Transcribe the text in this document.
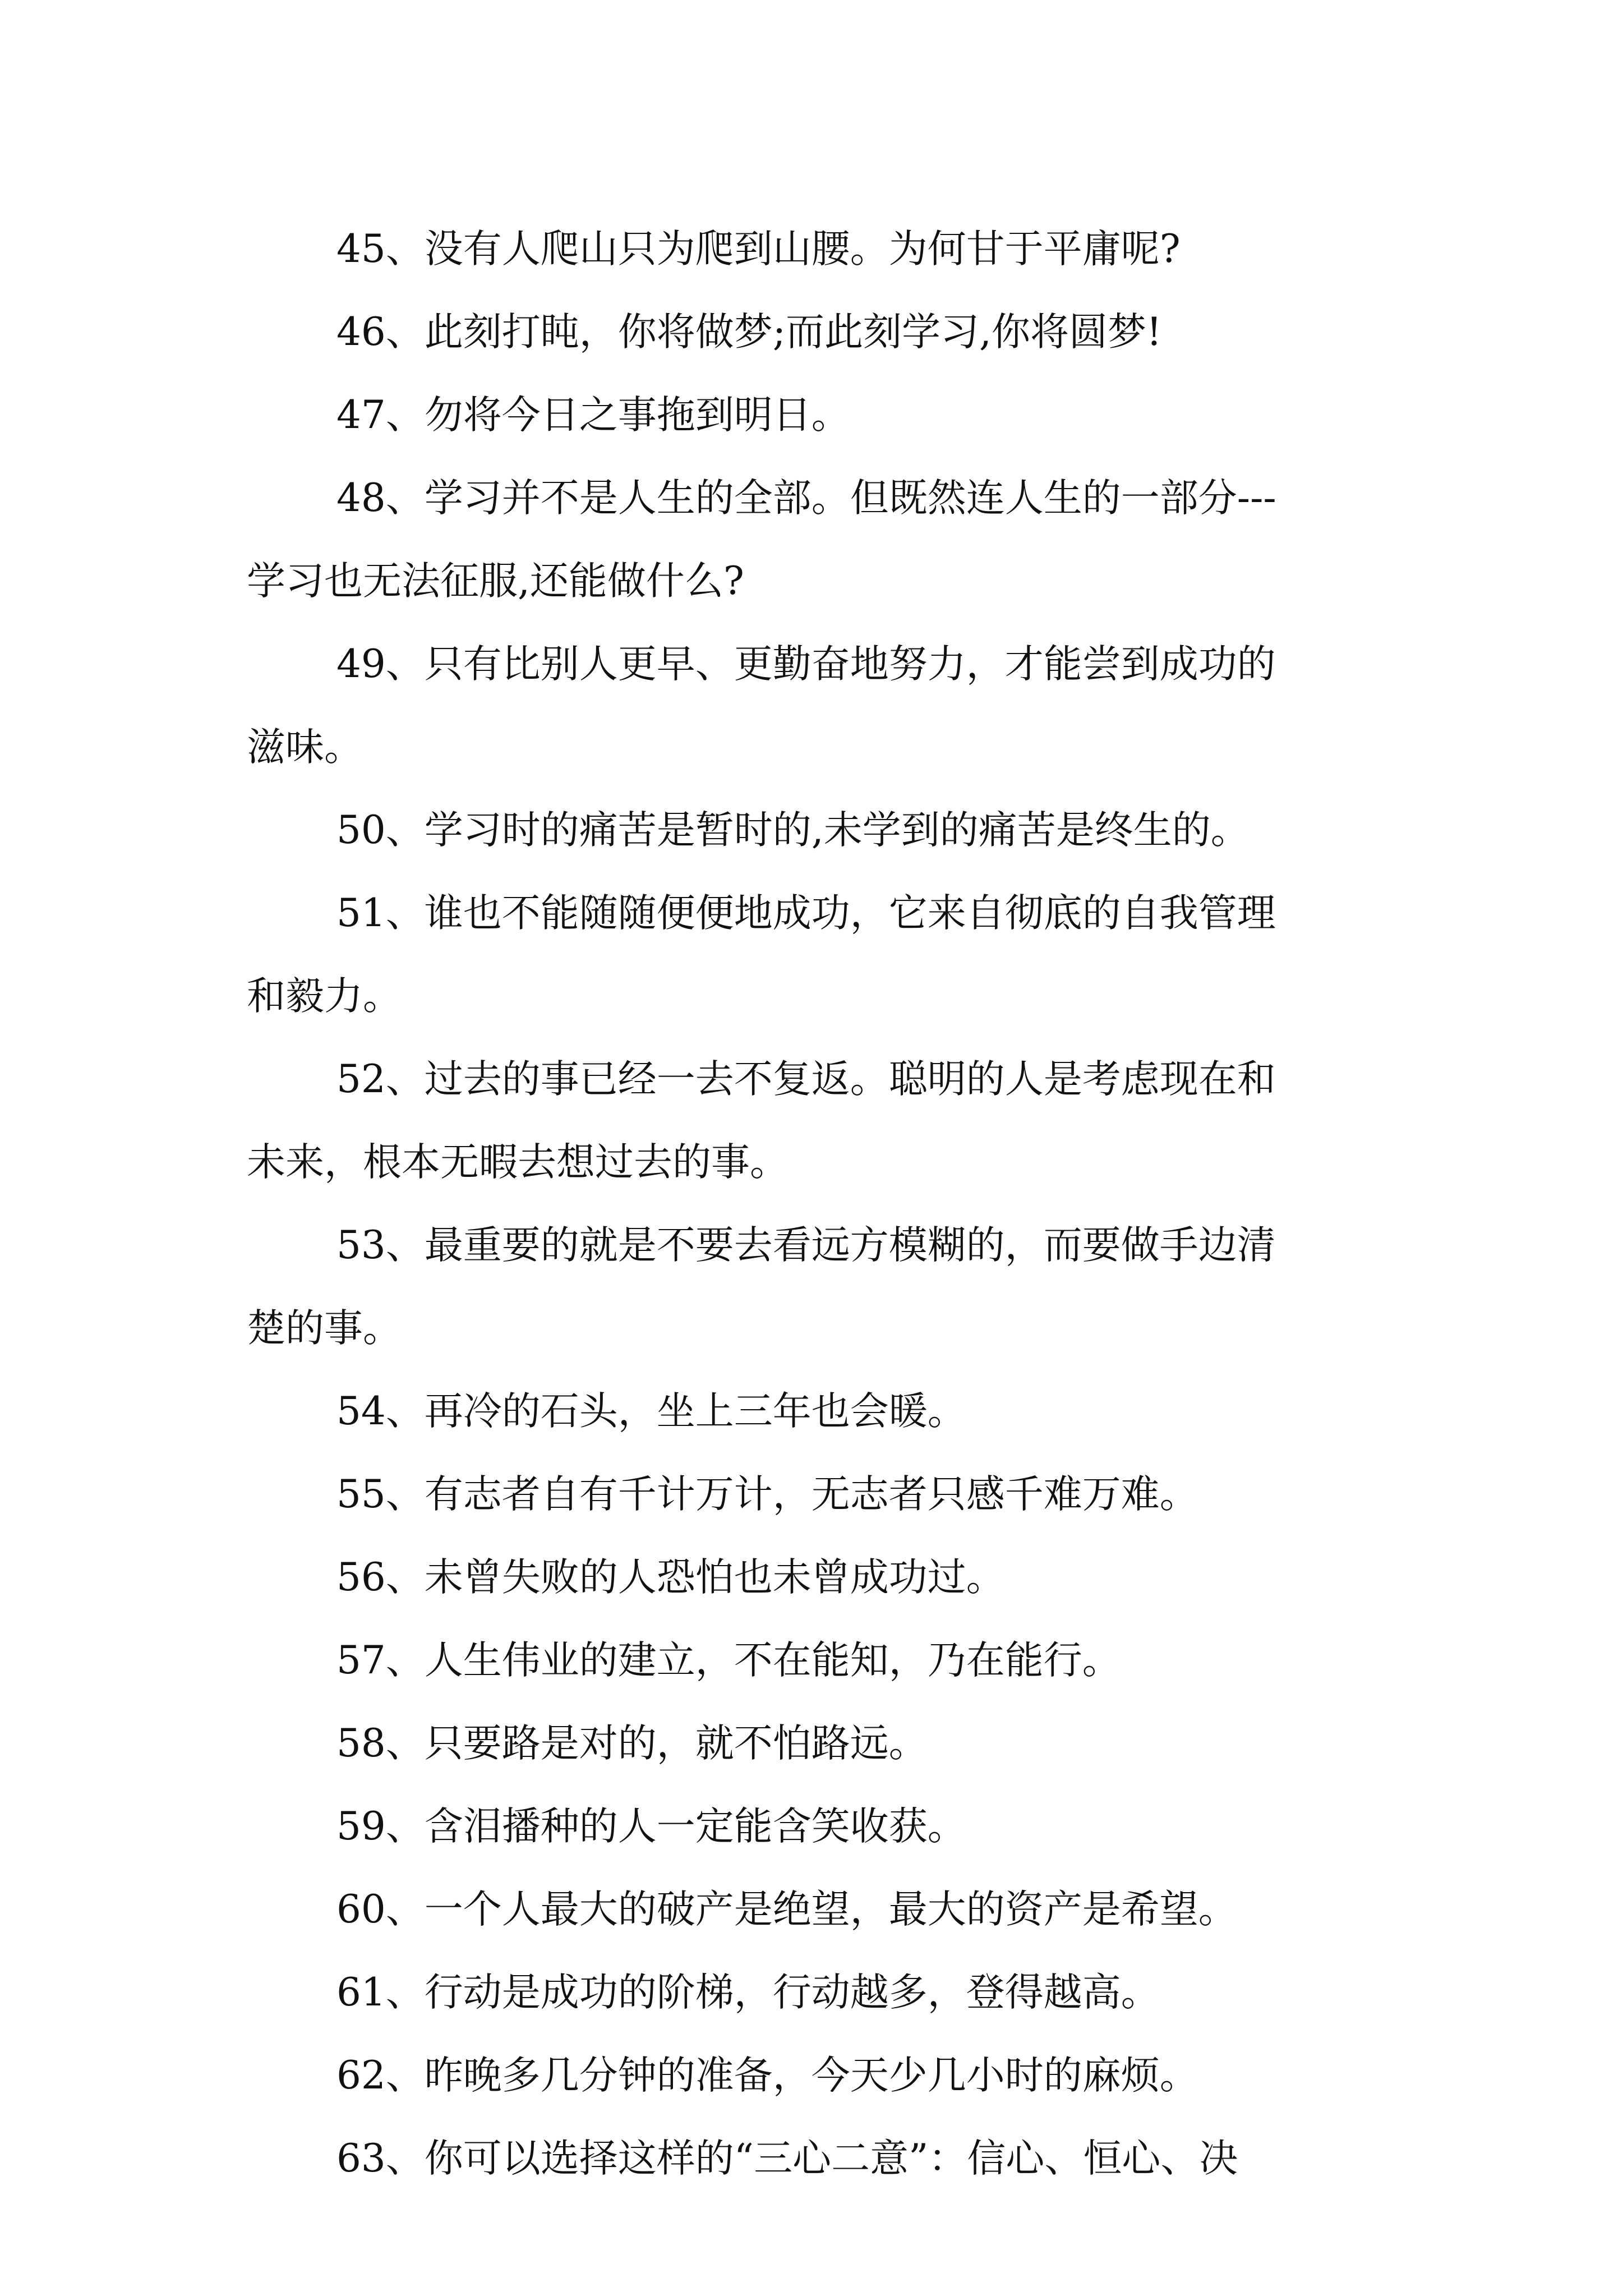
45、没有人爬山只为爬到山腰。为何甘于平庸呢?
46、此刻打盹，你将做梦;而此刻学习,你将圆梦!
47、勿将今日之事拖到明日。
48、学习并不是人生的全部。但既然连人生的一部分---
学习也无法征服,还能做什么?
49、只有比别人更早、更勤奋地努力，才能尝到成功的
滋味。
50、学习时的痛苦是暂时的,未学到的痛苦是终生的。
51、谁也不能随随便便地成功，它来自彻底的自我管理
和毅力。
52、过去的事已经一去不复返。聪明的人是考虑现在和
未来，根本无暇去想过去的事。
53、最重要的就是不要去看远方模糊的，而要做手边清
楚的事。
54、再冷的石头，坐上三年也会暖。
55、有志者自有千计万计，无志者只感千难万难。
56、未曾失败的人恐怕也未曾成功过。
57、人生伟业的建立，不在能知，乃在能行。
58、只要路是对的，就不怕路远。
59、含泪播种的人一定能含笑收获。
60、一个人最大的破产是绝望，最大的资产是希望。
61、行动是成功的阶梯，行动越多，登得越高。
62、昨晚多几分钟的准备，今天少几小时的麻烦。
63、你可以选择这样的“三心二意”：信心、恒心、决
